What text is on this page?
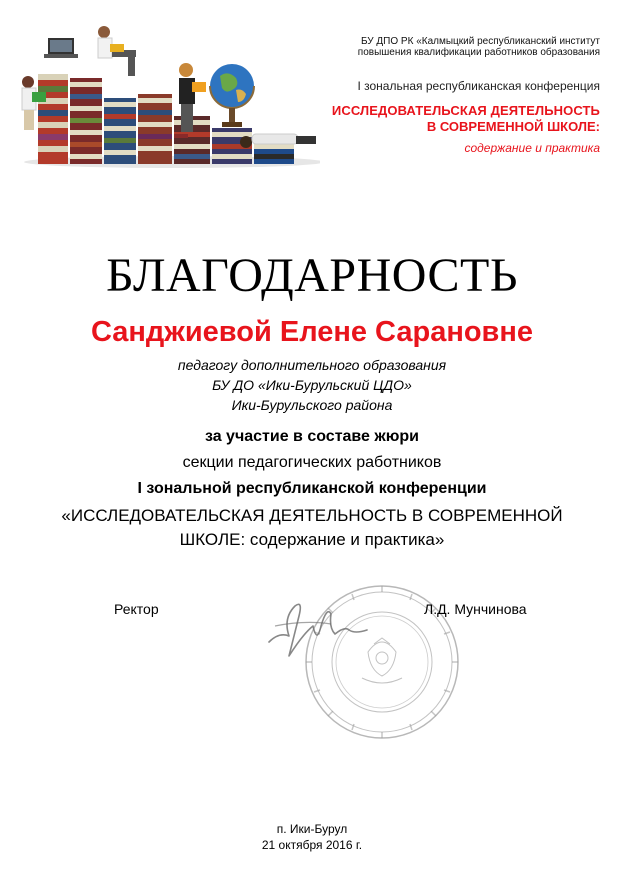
БУ ДПО РК «Калмыцкий республиканский институт
повышения квалификации работников образования
I зональная республиканская конференция
ИССЛЕДОВАТЕЛЬСКАЯ ДЕЯТЕЛЬНОСТЬ
В СОВРЕМЕННОЙ ШКОЛЕ:
содержание и практика
БЛАГОДАРНОСТЬ
Санджиевой Елене Сарановне
педагогу дополнительного образования
БУ ДО «Ики-Бурульский ЦДО»
Ики-Бурульского района
за участие в составе жюри
секции педагогических работников
I зональной республиканской конференции
«ИССЛЕДОВАТЕЛЬСКАЯ ДЕЯТЕЛЬНОСТЬ В СОВРЕМЕННОЙ
ШКОЛЕ: содержание и практика»
Ректор	Л.Д. Мунчинова
п. Ики-Бурул
21 октября 2016 г.
